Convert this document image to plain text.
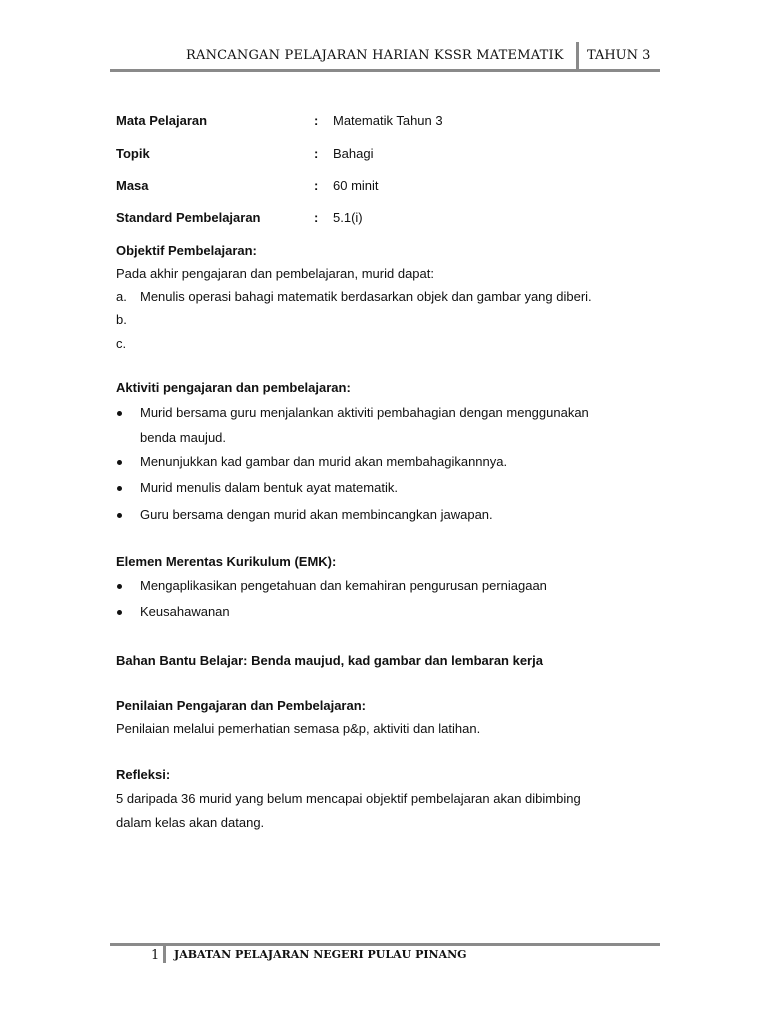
RANCANGAN PELAJARAN HARIAN KSSR MATEMATIK TAHUN 3
Mata Pelajaran	: Matematik Tahun 3
Topik	: Bahagi
Masa	: 60 minit
Standard Pembelajaran	: 5.1(i)
Objektif Pembelajaran:
Pada akhir pengajaran dan pembelajaran, murid dapat:
a. Menulis operasi bahagi matematik berdasarkan objek dan gambar yang diberi.
b.
c.
Aktiviti pengajaran dan pembelajaran:
Murid bersama guru menjalankan aktiviti pembahagian dengan menggunakan
benda maujud.
Menunjukkan kad gambar dan murid akan membahagikannnya.
Murid menulis dalam bentuk ayat matematik.
Guru bersama dengan murid akan membincangkan jawapan.
Elemen Merentas Kurikulum (EMK):
Mengaplikasikan pengetahuan dan kemahiran pengurusan perniagaan
Keusahawanan
Bahan Bantu Belajar: Benda maujud, kad gambar dan lembaran kerja
Penilaian Pengajaran dan Pembelajaran:
Penilaian melalui pemerhatian semasa p&p, aktiviti dan latihan.
Refleksi:
5 daripada 36 murid yang belum mencapai objektif pembelajaran akan dibimbing
dalam kelas akan datang.
1 JABATAN PELAJARAN NEGERI PULAU PINANG
